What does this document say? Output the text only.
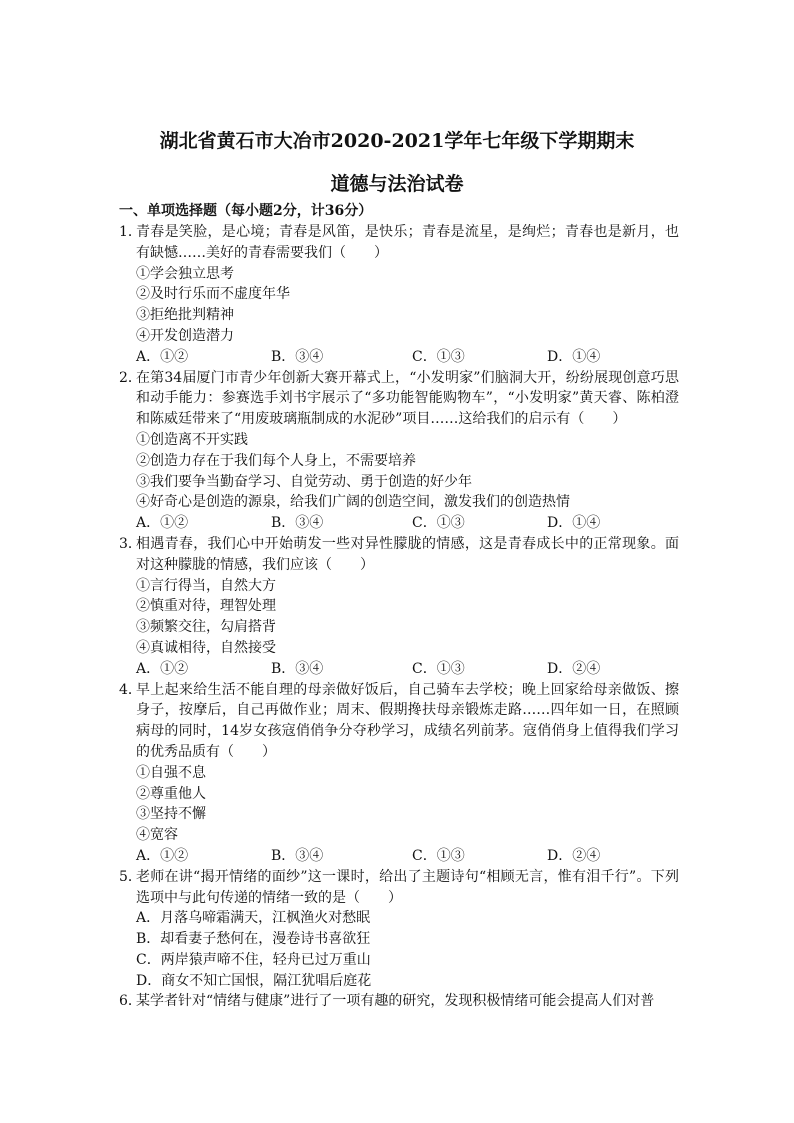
湖北省黄石市大冶市2020-2021学年七年级下学期期末
道德与法治试卷
一、单项选择题（每小题2分，计36分）
1．
青春是笑脸，是心境；青春是风笛，是快乐；青春是流星，是绚烂；青春也是新月，也有缺憾……美好的青春需要我们（　　）
①学会独立思考
②及时行乐而不虚度年华
③拒绝批判精神
④开发创造潜力
A．①②	B．③④	C．①③	D．①④
2．
在第34届厦门市青少年创新大赛开幕式上，“小发明家”们脑洞大开，纷纷展现创意巧思和动手能力：参赛选手刘书宇展示了“多功能智能购物车”，“小发明家”黄天睿、陈柏澄和陈威廷带来了“用废玻璃瓶制成的水泥砂”项目……这给我们的启示有（　　）
①创造离不开实践
②创造力存在于我们每个人身上，不需要培养
③我们要争当勤奋学习、自觉劳动、勇于创造的好少年
④好奇心是创造的源泉，给我们广阔的创造空间，激发我们的创造热情
A．①②	B．③④	C．①③	D．①④
3．
相遇青春，我们心中开始萌发一些对异性朦胧的情感，这是青春成长中的正常现象。面对这种朦胧的情感，我们应该（　　）
①言行得当，自然大方
②慎重对待，理智处理
③频繁交往，勾肩搭背
④真诚相待，自然接受
A．①②	B．③④	C．①③	D．②④
4．
早上起来给生活不能自理的母亲做好饭后，自己骑车去学校；晚上回家给母亲做饭、擦身子，按摩后，自己再做作业；周末、假期搀扶母亲锻炼走路……四年如一日，在照顾病母的同时，14岁女孩寇俏俏争分夺秒学习，成绩名列前茅。寇俏俏身上值得我们学习的优秀品质有（　　）
①自强不息
②尊重他人
③坚持不懈
④宽容
A．①②	B．③④	C．①③	D．②④
5．
老师在讲“揭开情绪的面纱”这一课时，给出了主题诗句“相顾无言，惟有泪千行”。下列选项中与此句传递的情绪一致的是（　　）
A．月落乌啼霜满天，江枫渔火对愁眠
B．却看妻子愁何在，漫卷诗书喜欲狂
C．两岸猿声啼不住，轻舟已过万重山
D．商女不知亡国恨，隔江犹唱后庭花
6．
某学者针对“情绪与健康”进行了一项有趣的研究，发现积极情绪可能会提高人们对普
